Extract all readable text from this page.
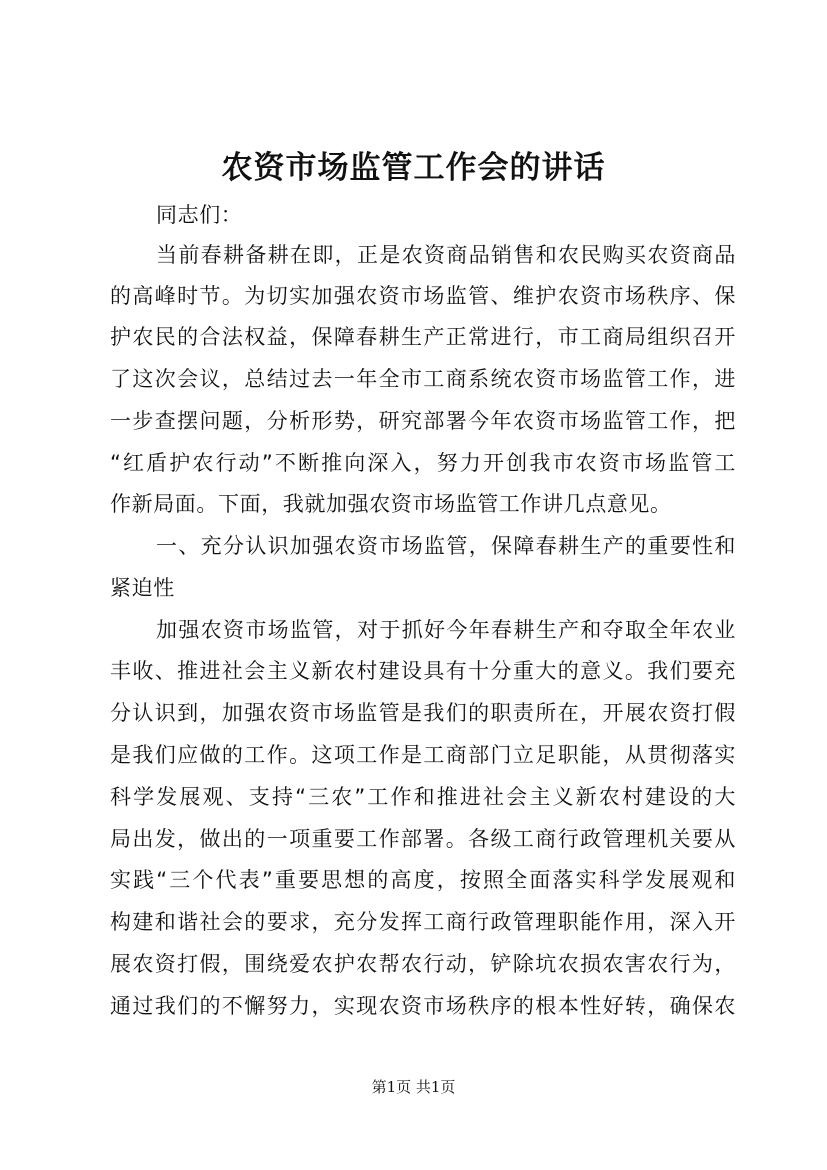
农资市场监管工作会的讲话
同志们：
当前春耕备耕在即，正是农资商品销售和农民购买农资商品
的高峰时节。为切实加强农资市场监管、维护农资市场秩序、保
护农民的合法权益，保障春耕生产正常进行，市工商局组织召开
了这次会议，总结过去一年全市工商系统农资市场监管工作，进
一步查摆问题，分析形势，研究部署今年农资市场监管工作，把
“红盾护农行动”不断推向深入，努力开创我市农资市场监管工
作新局面。下面，我就加强农资市场监管工作讲几点意见。
一、充分认识加强农资市场监管，保障春耕生产的重要性和
紧迫性
加强农资市场监管，对于抓好今年春耕生产和夺取全年农业
丰收、推进社会主义新农村建设具有十分重大的意义。我们要充
分认识到，加强农资市场监管是我们的职责所在，开展农资打假
是我们应做的工作。这项工作是工商部门立足职能，从贯彻落实
科学发展观、支持“三农”工作和推进社会主义新农村建设的大
局出发，做出的一项重要工作部署。各级工商行政管理机关要从
实践“三个代表”重要思想的高度，按照全面落实科学发展观和
构建和谐社会的要求，充分发挥工商行政管理职能作用，深入开
展农资打假，围绕爱农护农帮农行动，铲除坑农损农害农行为，
通过我们的不懈努力，实现农资市场秩序的根本性好转，确保农
第1页 共1页
